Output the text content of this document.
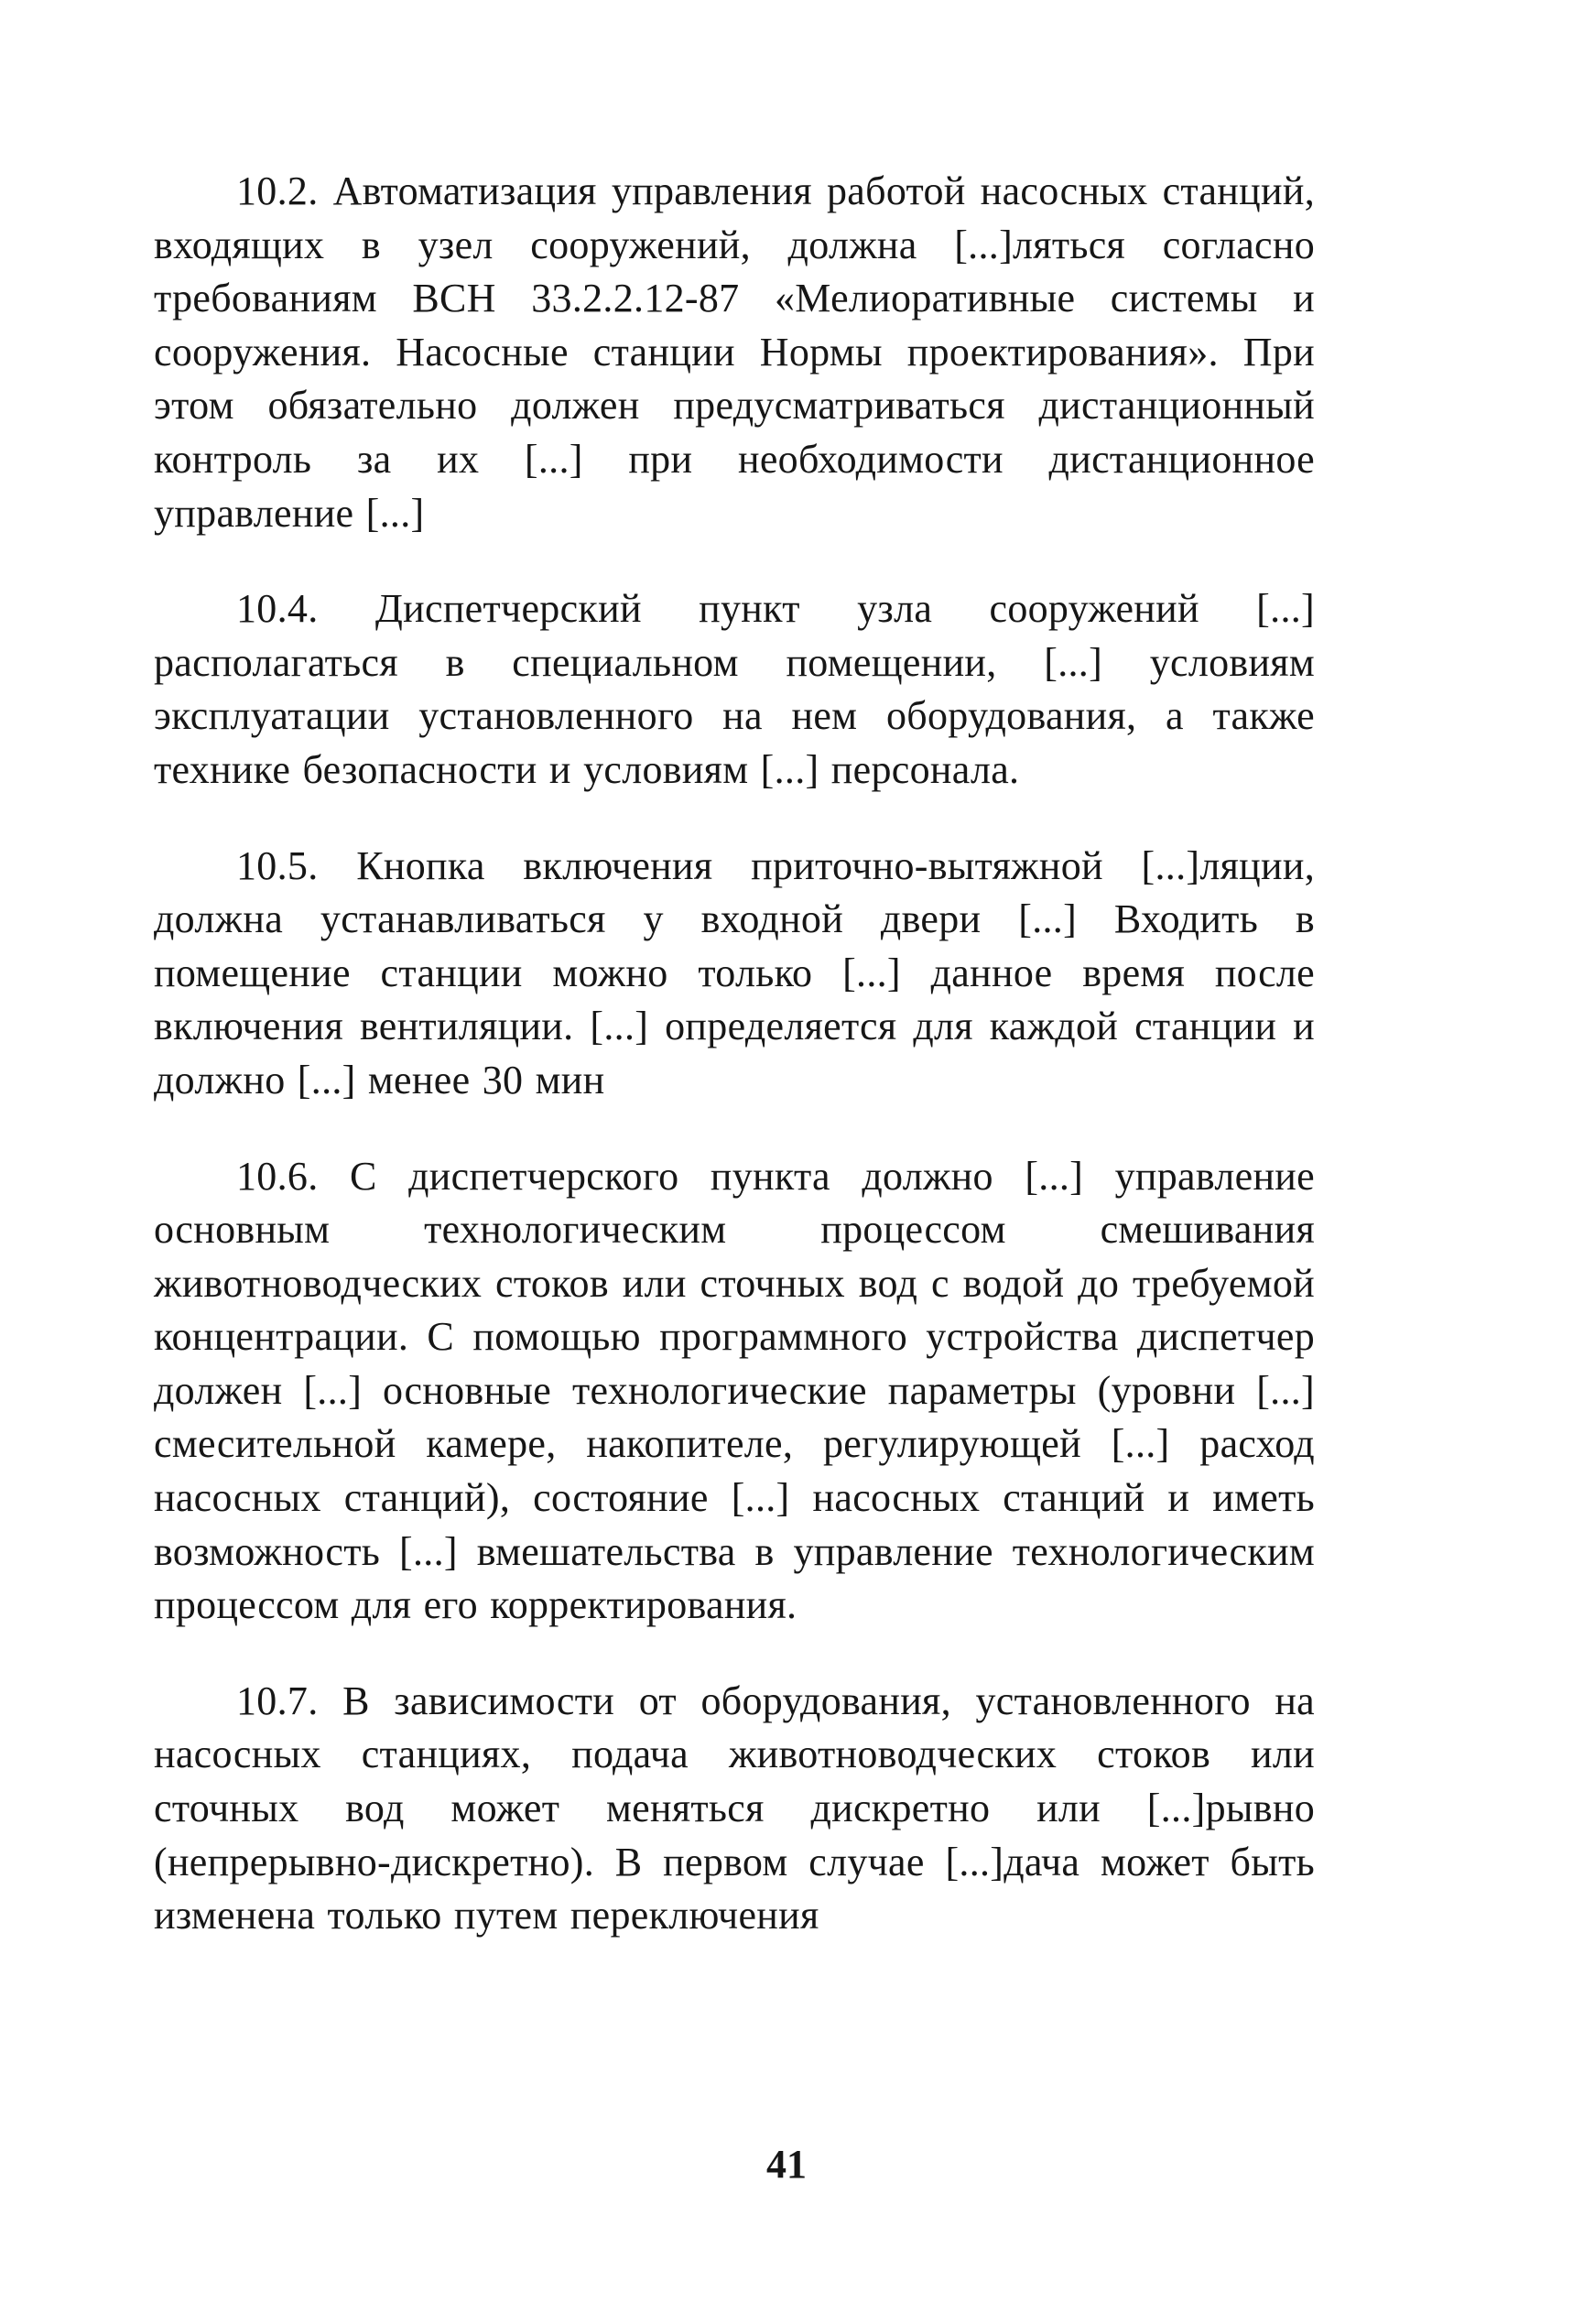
10.2. Автоматизация управления работой насосных станций, входящих в узел сооружений, должна [...]ляться согласно требованиям ВСН 33.2.2.12-87 «Мелиоративные системы и сооружения. Насосные станции Нормы проектирования». При этом обязательно должен предусматриваться дистанционный контроль за их [...] при необходимости дистанционное управление [...]

10.4. Диспетчерский пункт узла сооружений [...] располагаться в специальном помещении, [...] условиям эксплуатации установленного на нем оборудования, а также технике безопасности и условиям [...] персонала.

10.5. Кнопка включения приточно-вытяжной [...]ляции, должна устанавливаться у входной двери [...] Входить в помещение станции можно только [...] данное время после включения вентиляции. [...] определяется для каждой станции и должно [...] менее 30 мин

10.6. С диспетчерского пункта должно [...] управление основным технологическим процессом смешивания животноводческих стоков или сточных вод с водой до требуемой концентрации. С помощью программного устройства диспетчер должен [...] основные технологические параметры (уровни [...] смесительной камере, накопителе, регулирующей [...] расход насосных станций), состояние [...] насосных станций и иметь возможность [...] вмешательства в управление технологическим процессом для его корректирования.

10.7. В зависимости от оборудования, установленного на насосных станциях, подача животноводческих стоков или сточных вод может меняться дискретно или [...]рывно (непрерывно-дискретно). В первом случае [...]дача может быть изменена только путем переключения

41
